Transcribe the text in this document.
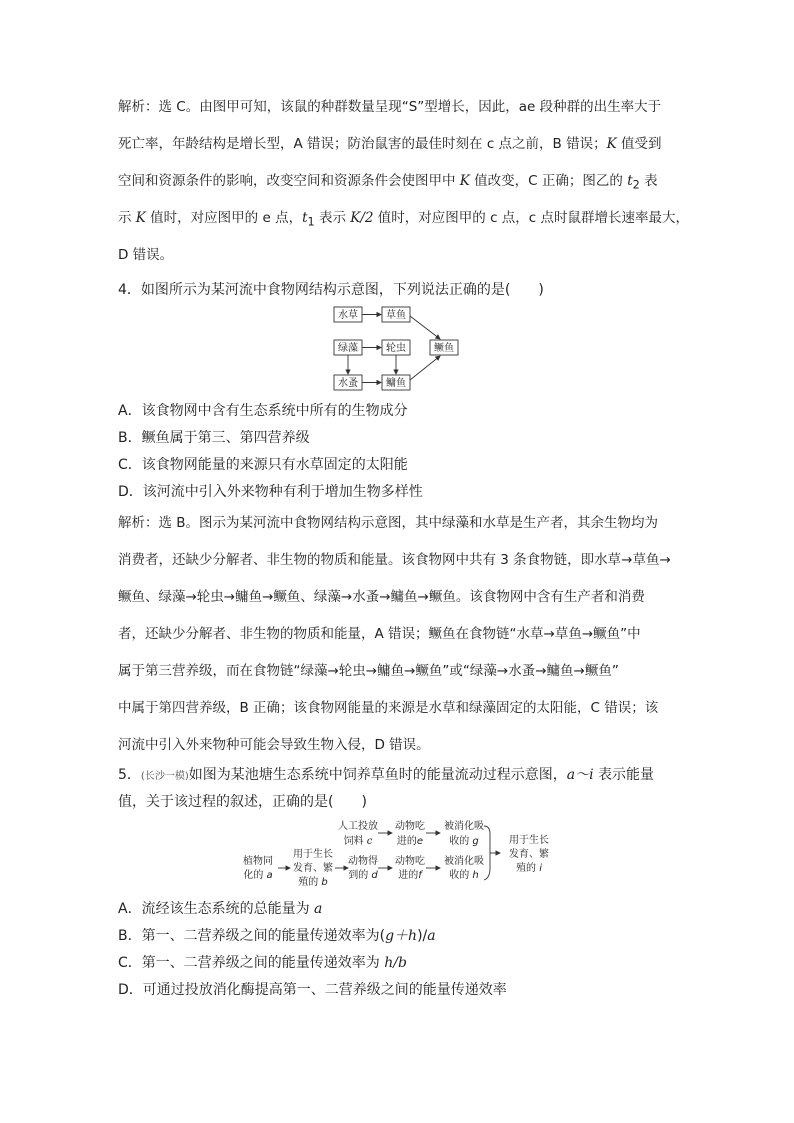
解析：选 C。由图甲可知，该鼠的种群数量呈现“S”型增长，因此，ae 段种群的出生率大于
死亡率，年龄结构是增长型，A 错误；防治鼠害的最佳时刻在 c 点之前，B 错误；K 值受到
空间和资源条件的影响，改变空间和资源条件会使图甲中 K 值改变，C 正确；图乙的 $t_2$ 表
示 K 值时，对应图甲的 e 点，$t_1$ 表示 K/2 值时，对应图甲的 c 点，c 点时鼠群增长速率最大，
D 错误。
4．如图所示为某河流中食物网结构示意图，下列说法正确的是(　　)
水草	草鱼
绿藻	轮虫	鳜鱼
水蚤	鳙鱼
A．该食物网中含有生态系统中所有的生物成分
B．鳜鱼属于第三、第四营养级
C．该食物网能量的来源只有水草固定的太阳能
D．该河流中引入外来物种有利于增加生物多样性
解析：选 B。图示为某河流中食物网结构示意图，其中绿藻和水草是生产者，其余生物均为
消费者，还缺少分解者、非生物的物质和能量。该食物网中共有 3 条食物链，即水草→草鱼→
鳜鱼、绿藻→轮虫→鳙鱼→鳜鱼、绿藻→水蚤→鳙鱼→鳜鱼。该食物网中含有生产者和消费
者，还缺少分解者、非生物的物质和能量，A 错误；鳜鱼在食物链“水草→草鱼→鳜鱼”中
属于第三营养级，而在食物链“绿藻→轮虫→鳙鱼→鳜鱼”或“绿藻→水蚤→鳙鱼→鳜鱼”
中属于第四营养级，B 正确；该食物网能量的来源是水草和绿藻固定的太阳能，C 错误；该
河流中引入外来物种可能会导致生物入侵，D 错误。
5．(长沙一模)如图为某池塘生态系统中饲养草鱼时的能量流动过程示意图，a～i 表示能量
值，关于该过程的叙述，正确的是(　　)
人工投放
饲料 c
动物吃
进的e
被消化吸
收的 g
植物同
化的 a
用于生长
发育、繁
殖的 b
动物得
到的 d
动物吃
进的f
被消化吸
收的 h
用于生长
发育、繁
殖的 i
A．流经该生态系统的总能量为 a
B．第一、二营养级之间的能量传递效率为(g＋h)/a
C．第一、二营养级之间的能量传递效率为 h/b
D．可通过投放消化酶提高第一、二营养级之间的能量传递效率
